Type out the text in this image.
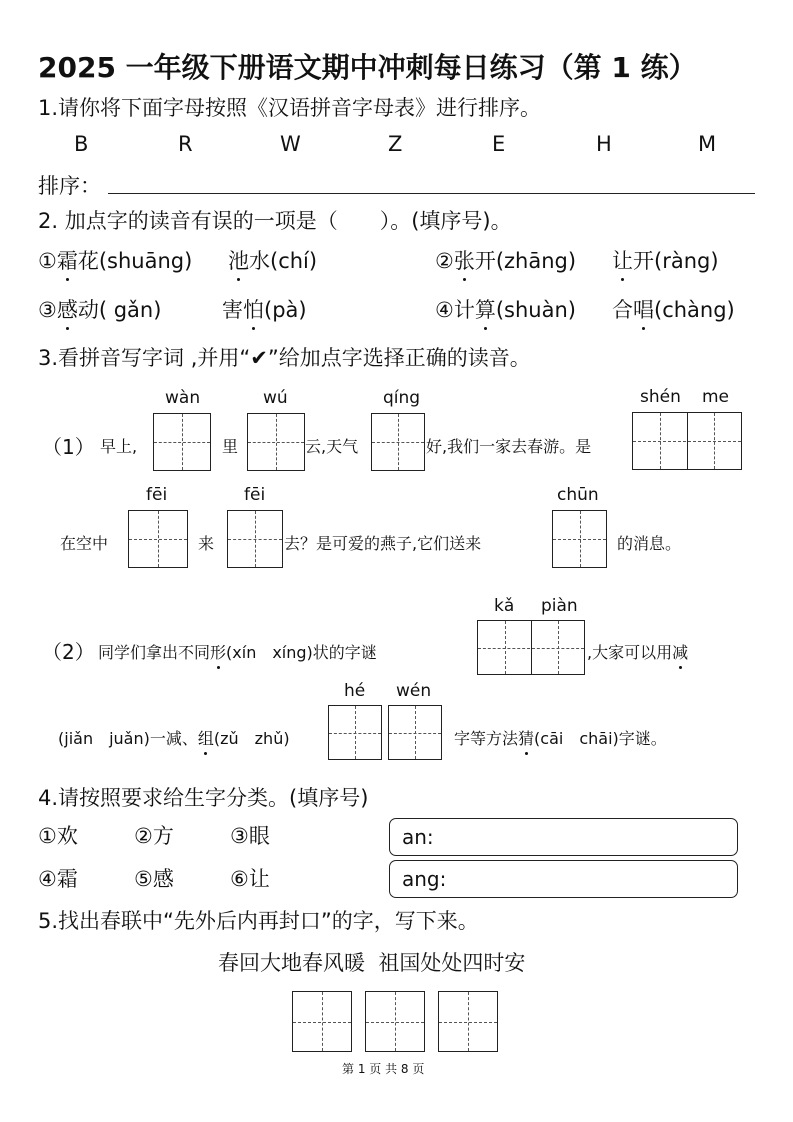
2025 一年级下册语文期中冲刺每日练习（第 1 练）
1.请你将下面字母按照《汉语拼音字母表》进行排序。
B	R	W	Z	E	H	M
排序：
2. 加点字的读音有误的一项是（　　）。(填序号)。
①霜花(shuāng) 池水(chí)	②张开(zhāng) 让开(ràng)
③感动( gǎn)	害怕(pà)	④计算(shuàn) 合唱(chàng)
3.看拼音写字词 ,并用“✔”给加点字选择正确的读音。
wàn	wú	qíng	shén me
（1） 早上,	里	云,天气	好,我们一家去春游。是
fēi	fēi	chūn
在空中	来	去？是可爱的燕子,它们送来	的消息。
kǎ piàn
（2） 同学们拿出不同形(xín　xíng)状的字谜	,大家可以用减
hé wén
(jiǎn　juǎn)一减、组(zǔ　zhǔ)	字等方法猜(cāi　chāi)字谜。
4.请按照要求给生字分类。(填序号)
①欢	②方	③眼
④霜	⑤感	⑥让
an:
ang:
5.找出春联中“先外后内再封口”的字，写下来。
春回大地春风暖  祖国处处四时安
第 1 页 共 8 页
